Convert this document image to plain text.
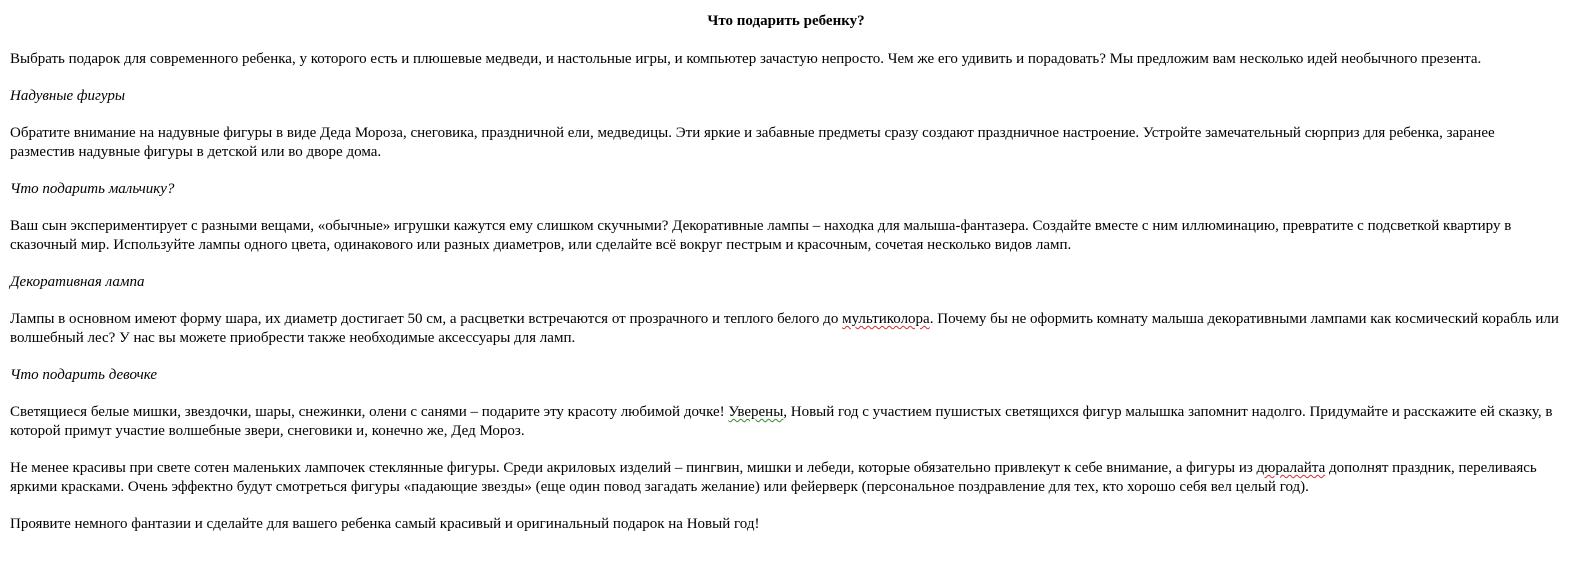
Что подарить ребенку?

Выбрать подарок для современного ребенка, у которого есть и плюшевые медведи, и настольные игры, и компьютер зачастую непросто. Чем же его удивить и порадовать? Мы предложим вам несколько идей необычного презента.

Надувные фигуры

Обратите внимание на надувные фигуры в виде Деда Мороза, снеговика, праздничной ели, медведицы. Эти яркие и забавные предметы сразу создают праздничное настроение. Устройте замечательный сюрприз для ребенка, заранее разместив надувные фигуры в детской или во дворе дома.

Что подарить мальчику?

Ваш сын экспериментирует с разными вещами, «обычные» игрушки кажутся ему слишком скучными? Декоративные лампы – находка для малыша-фантазера. Создайте вместе с ним иллюминацию, превратите с подсветкой квартиру в сказочный мир. Используйте лампы одного цвета, одинакового или разных диаметров, или сделайте всё вокруг пестрым и красочным, сочетая несколько видов ламп.

Декоративная лампа

Лампы в основном имеют форму шара, их диаметр достигает 50 см, а расцветки встречаются от прозрачного и теплого белого до мультиколора. Почему бы не оформить комнату малыша декоративными лампами как космический корабль или волшебный лес? У нас вы можете приобрести также необходимые аксессуары для ламп.

Что подарить девочке

Светящиеся белые мишки, звездочки, шары, снежинки, олени с санями – подарите эту красоту любимой дочке! Уверены, Новый год с участием пушистых светящихся фигур малышка запомнит надолго. Придумайте и расскажите ей сказку, в которой примут участие волшебные звери, снеговики и, конечно же, Дед Мороз.

Не менее красивы при свете сотен маленьких лампочек стеклянные фигуры. Среди акриловых изделий – пингвин, мишки и лебеди, которые обязательно привлекут к себе внимание, а фигуры из дюралайта дополнят праздник, переливаясь яркими красками. Очень эффектно будут смотреться фигуры «падающие звезды» (еще один повод загадать желание) или фейерверк (персональное поздравление для тех, кто хорошо себя вел целый год).

Проявите немного фантазии и сделайте для вашего ребенка самый красивый и оригинальный подарок на Новый год!
